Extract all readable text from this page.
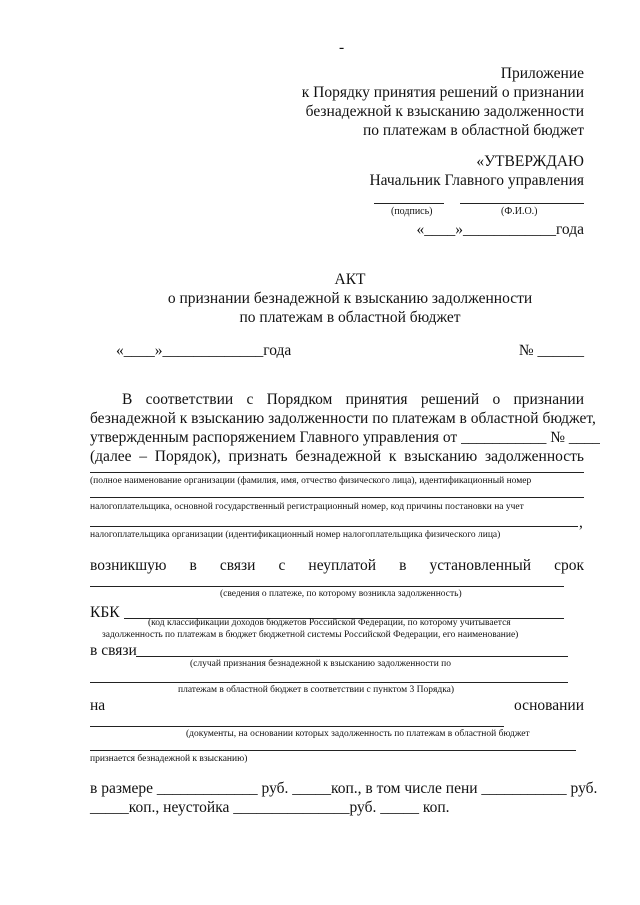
-
Приложение
к Порядку принятия решений о признании
безнадежной к взысканию задолженности
по платежам в областной бюджет
«УТВЕРЖДАЮ
Начальник Главного управления
(подпись)	(Ф.И.О.)
«____»____________года
АКТ
о признании безнадежной к взысканию задолженности
по платежам в областной бюджет
«____»_____________года	№ ______
В соответствии с Порядком принятия решений о признании
безнадежной к взысканию задолженности по платежам в областной бюджет,
утвержденным распоряжением Главного управления от ___________ № ____
(далее – Порядок), признать безнадежной к взысканию задолженность
(полное наименование организации (фамилия, имя, отчество физического лица), идентификационный номер
налогоплательщика, основной государственный регистрационный номер, код причины постановки на учет
,
налогоплательщика организации (идентификационный номер налогоплательщика физического лица)
возникшую в связи с неуплатой в установленный срок
(сведения о платеже, по которому возникла задолженность)
КБК
(код классификации доходов бюджетов Российской Федерации, по которому учитывается
задолженность по платежам в бюджет бюджетной системы Российской Федерации, его наименование)
в связи
(случай признания безнадежной к взысканию задолженности по
платежам в областной бюджет в соответствии с пунктом 3 Порядка)
на	основании
(документы, на основании которых задолженность по платежам в областной бюджет
признается безнадежной к взысканию)
в размере _____________ руб. _____коп., в том числе пени ___________ руб.
_____коп., неустойка _______________руб. _____ коп.
